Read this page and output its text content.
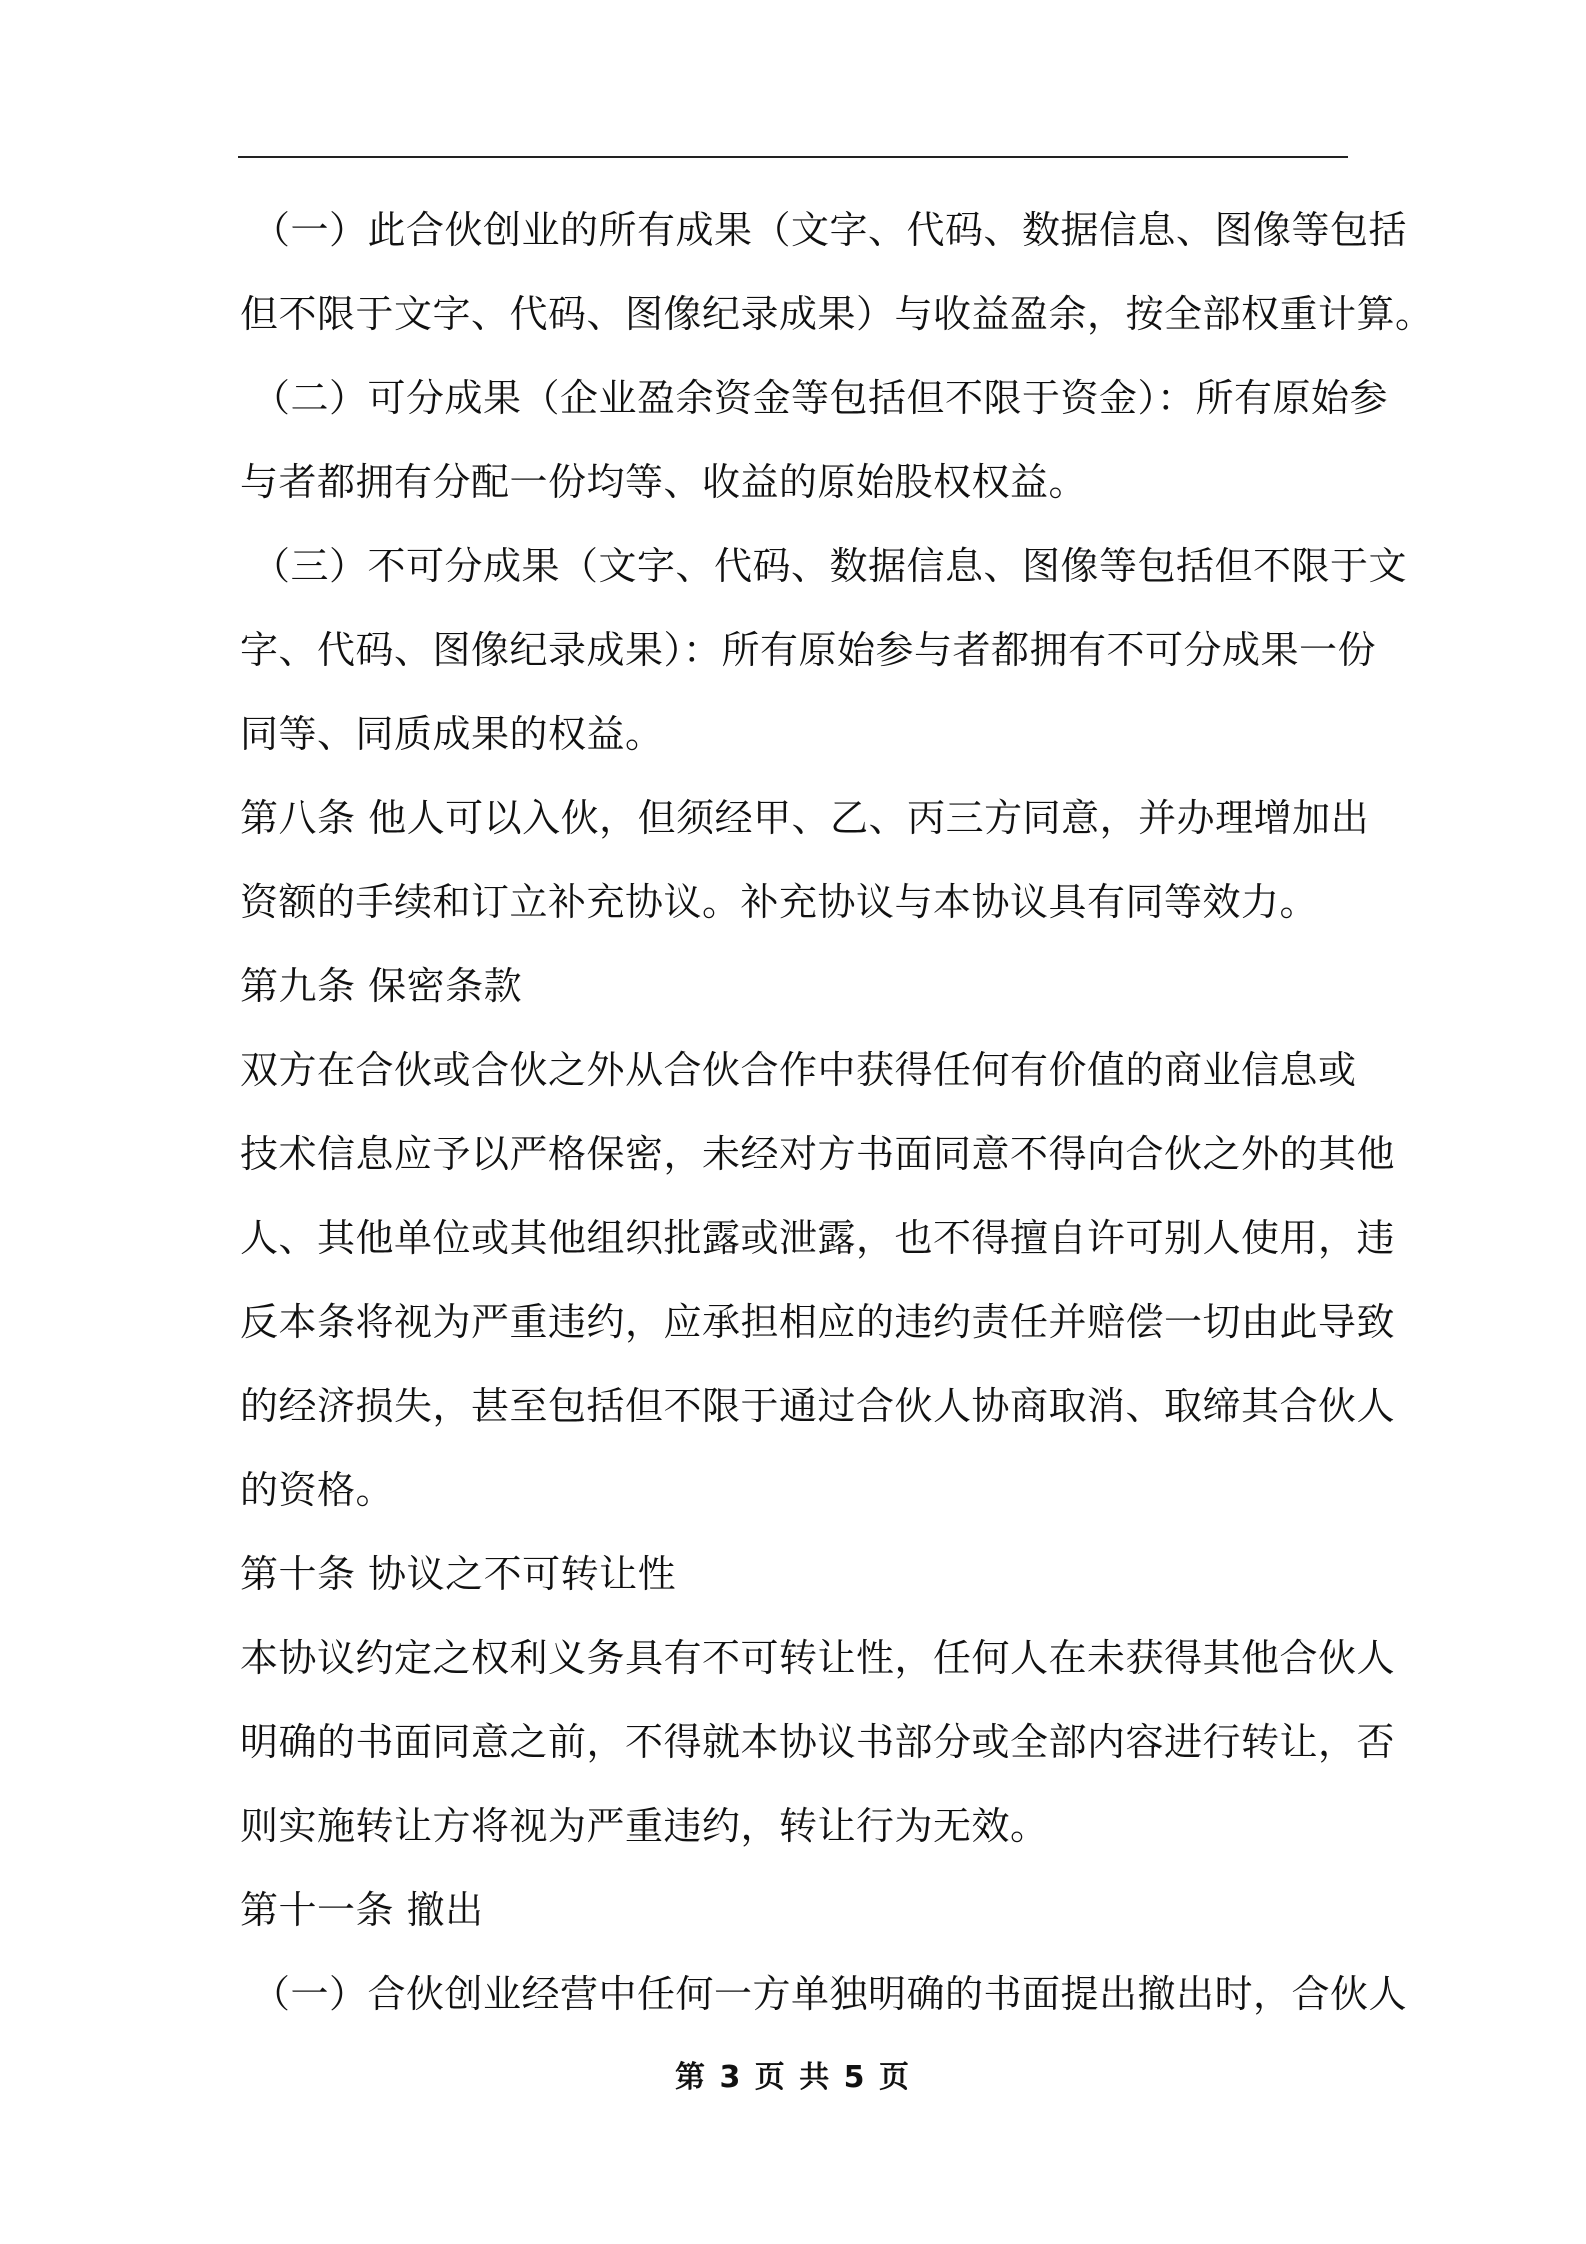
（一）此合伙创业的所有成果（文字、代码、数据信息、图像等包括
但不限于文字、代码、图像纪录成果）与收益盈余，按全部权重计算。
（二）可分成果（企业盈余资金等包括但不限于资金）：所有原始参
与者都拥有分配一份均等、收益的原始股权权益。
（三）不可分成果（文字、代码、数据信息、图像等包括但不限于文
字、代码、图像纪录成果）：所有原始参与者都拥有不可分成果一份
同等、同质成果的权益。
第八条 他人可以入伙，但须经甲、乙、丙三方同意，并办理增加出
资额的手续和订立补充协议。补充协议与本协议具有同等效力。
第九条 保密条款
双方在合伙或合伙之外从合伙合作中获得任何有价值的商业信息或
技术信息应予以严格保密，未经对方书面同意不得向合伙之外的其他
人、其他单位或其他组织批露或泄露，也不得擅自许可别人使用，违
反本条将视为严重违约，应承担相应的违约责任并赔偿一切由此导致
的经济损失，甚至包括但不限于通过合伙人协商取消、取缔其合伙人
的资格。
第十条 协议之不可转让性
本协议约定之权利义务具有不可转让性，任何人在未获得其他合伙人
明确的书面同意之前，不得就本协议书部分或全部内容进行转让，否
则实施转让方将视为严重违约，转让行为无效。
第十一条 撤出
（一）合伙创业经营中任何一方单独明确的书面提出撤出时，合伙人
第 3 页 共 5 页
